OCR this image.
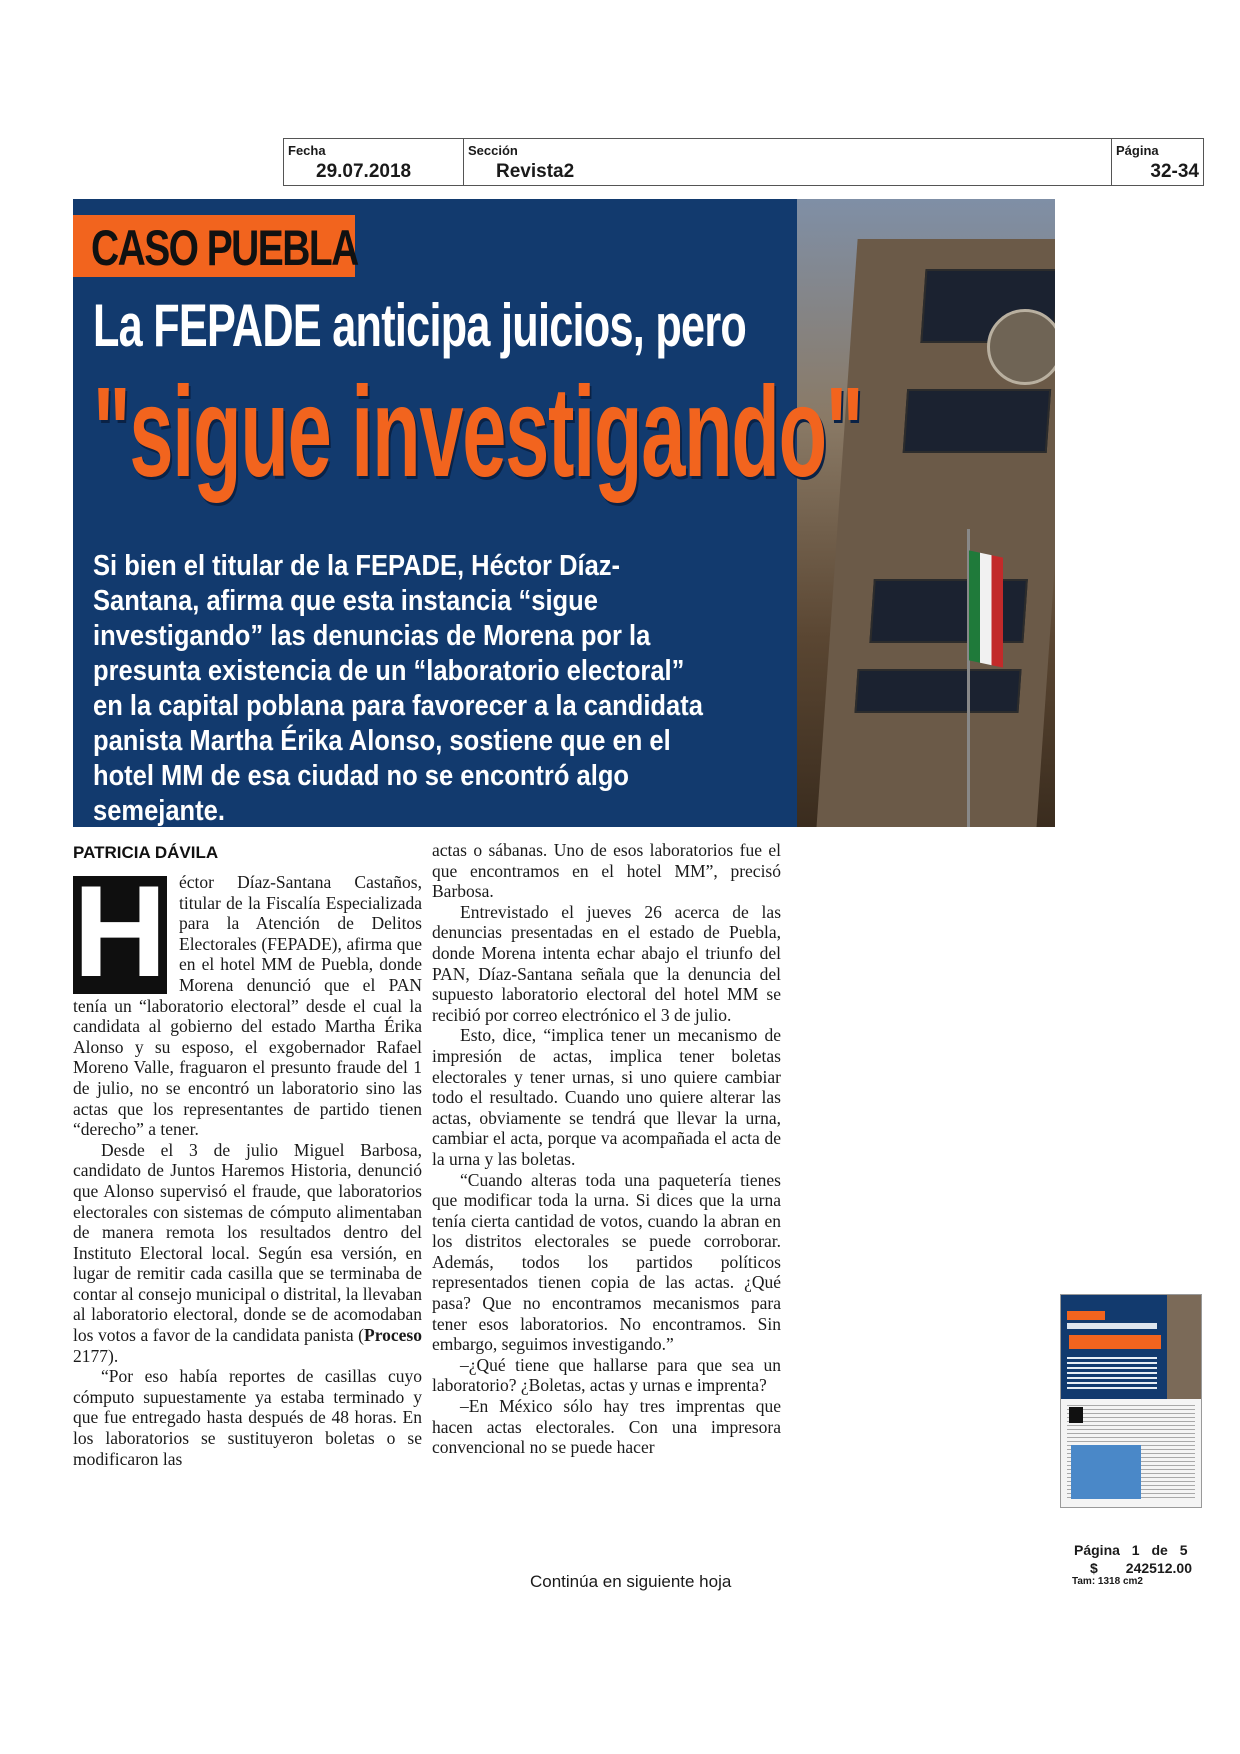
Fecha
29.07.2018
Sección
Revista2
Página
32-34
CASO PUEBLA
La FEPADE anticipa juicios, pero
"sigue investigando"
Si bien el titular de la FEPADE, Héctor Díaz-Santana, afirma que esta instancia “sigue investigando” las denuncias de Morena por la presunta existencia de un “laboratorio electoral” en la capital poblana para favorecer a la candidata panista Martha Érika Alonso, sostiene que en el hotel MM de esa ciudad no se encontró algo semejante.
PATRICIA DÁVILA
H éctor Díaz-Santana Castaños, titular de la Fiscalía Especializada para la Atención de Delitos Electorales (FEPADE), afirma que en el hotel MM de Puebla, donde Morena denunció que el PAN tenía un “laboratorio electoral” desde el cual la candidata al gobierno del estado Martha Érika Alonso y su esposo, el exgobernador Rafael Moreno Valle, fraguaron el presunto fraude del 1 de julio, no se encontró un laboratorio sino las actas que los representantes de partido tienen “derecho” a tener.

Desde el 3 de julio Miguel Barbosa, candidato de Juntos Haremos Historia, denunció que Alonso supervisó el fraude, que laboratorios electorales con sistemas de cómputo alimentaban de manera remota los resultados dentro del Instituto Electoral local. Según esa versión, en lugar de remitir cada casilla que se terminaba de contar al consejo municipal o distrital, la llevaban al laboratorio electoral, donde se de acomodaban los votos a favor de la candidata panista (Proceso 2177).

“Por eso había reportes de casillas cuyo cómputo supuestamente ya estaba terminado y que fue entregado hasta después de 48 horas. En los laboratorios se sustituyeron boletas o se modificaron las

actas o sábanas. Uno de esos laboratorios fue el que encontramos en el hotel MM”, precisó Barbosa.

Entrevistado el jueves 26 acerca de las denuncias presentadas en el estado de Puebla, donde Morena intenta echar abajo el triunfo del PAN, Díaz-Santana señala que la denuncia del supuesto laboratorio electoral del hotel MM se recibió por correo electrónico el 3 de julio.

Esto, dice, “implica tener un mecanismo de impresión de actas, implica tener boletas electorales y tener urnas, si uno quiere cambiar todo el resultado. Cuando uno quiere alterar las actas, obviamente se tendrá que llevar la urna, cambiar el acta, porque va acompañada el acta de la urna y las boletas.

“Cuando alteras toda una paquetería tienes que modificar toda la urna. Si dices que la urna tenía cierta cantidad de votos, cuando la abran en los distritos electorales se puede corroborar. Además, todos los partidos políticos representados tienen copia de las actas. ¿Qué pasa? Que no encontramos mecanismos para tener esos laboratorios. No encontramos. Sin embargo, seguimos investigando.”

–¿Qué tiene que hallarse para que sea un laboratorio? ¿Boletas, actas y urnas e imprenta?

–En México sólo hay tres imprentas que hacen actas electorales. Con una impresora convencional no se puede hacer

Continúa en siguiente hoja
Página 1 de 5
$ 242512.00
Tam: 1318 cm2
